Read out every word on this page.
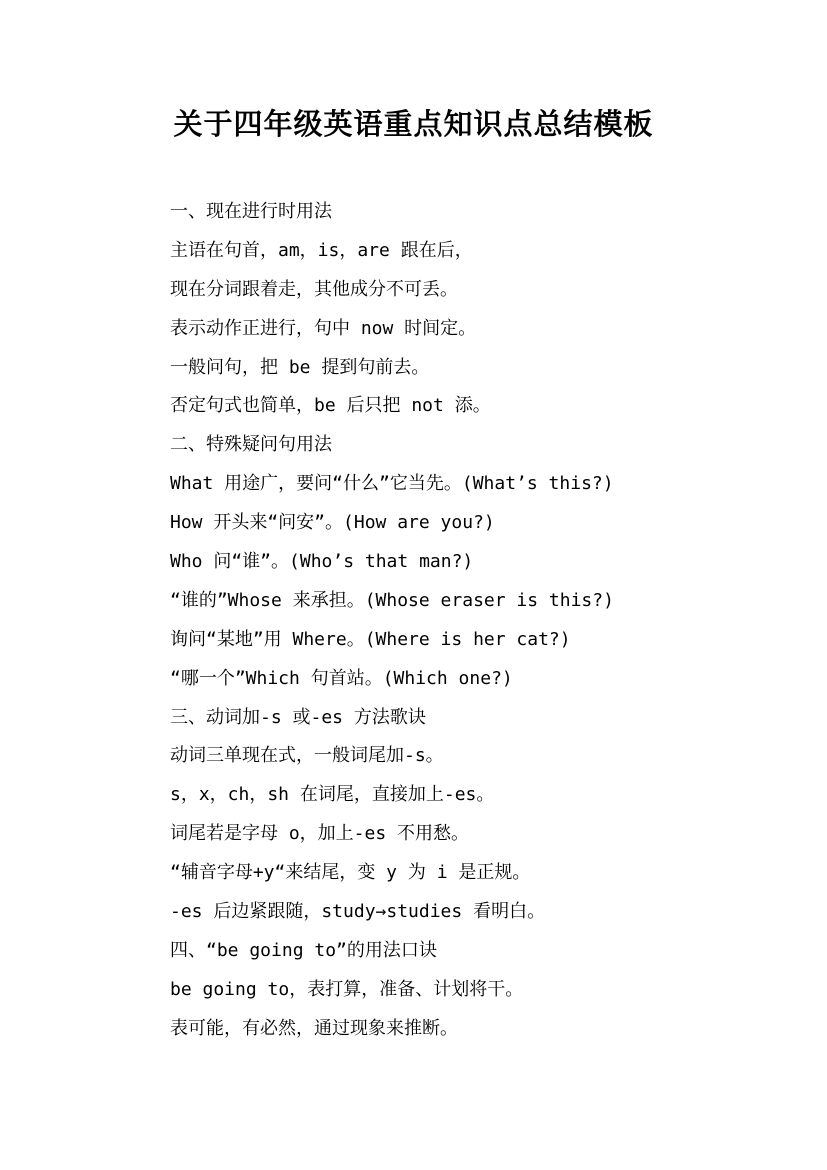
关于四年级英语重点知识点总结模板
一、现在进行时用法
主语在句首，am，is，are 跟在后，
现在分词跟着走，其他成分不可丢。
表示动作正进行，句中 now 时间定。
一般问句，把 be 提到句前去。
否定句式也简单，be 后只把 not 添。
二、特殊疑问句用法
What 用途广，要问“什么”它当先。(What’s this?)
How 开头来“问安”。(How are you?)
Who 问“谁”。(Who’s that man?)
“谁的”Whose 来承担。(Whose eraser is this?)
询问“某地”用 Where。(Where is her cat?)
“哪一个”Which 句首站。(Which one?)
三、动词加-s 或-es 方法歌诀
动词三单现在式，一般词尾加-s。
s，x，ch，sh 在词尾，直接加上-es。
词尾若是字母 o，加上-es 不用愁。
“辅音字母+y“来结尾，变 y 为 i 是正规。
-es 后边紧跟随，study→studies 看明白。
四、“be going to”的用法口诀
be going to，表打算，准备、计划将干。
表可能，有必然，通过现象来推断。
